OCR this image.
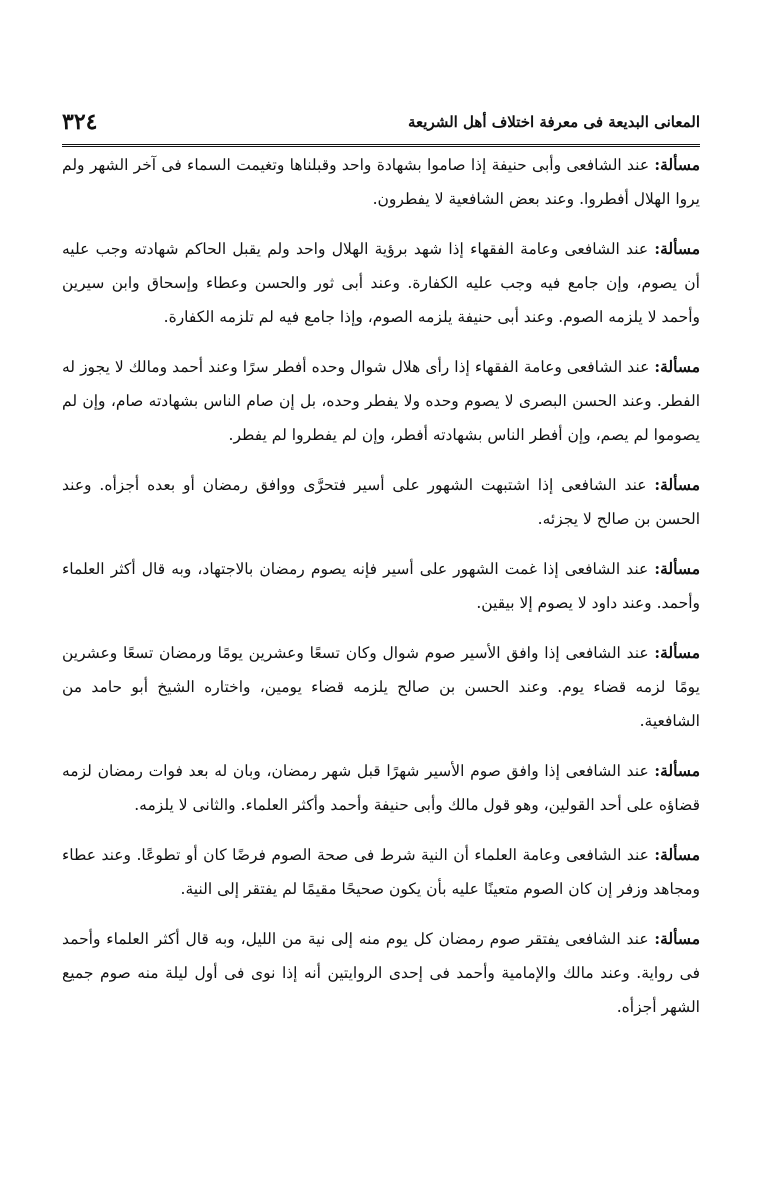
٣٢٤	المعانى البديعة فى معرفة اختلاف أهل الشريعة

مسألة: عند الشافعى وأبى حنيفة إذا صاموا بشهادة واحد وقبلناها وتغيمت السماء فى آخر الشهر ولم يروا الهلال أفطروا. وعند بعض الشافعية لا يفطرون.

مسألة: عند الشافعى وعامة الفقهاء إذا شهد برؤية الهلال واحد ولم يقبل الحاكم شهادته وجب عليه أن يصوم، وإن جامع فيه وجب عليه الكفارة. وعند أبى ثور والحسن وعطاء وإسحاق وابن سيرين وأحمد لا يلزمه الصوم. وعند أبى حنيفة يلزمه الصوم، وإذا جامع فيه لم تلزمه الكفارة.

مسألة: عند الشافعى وعامة الفقهاء إذا رأى هلال شوال وحده أفطر سرًا وعند أحمد ومالك لا يجوز له الفطر. وعند الحسن البصرى لا يصوم وحده ولا يفطر وحده، بل إن صام الناس بشهادته صام، وإن لم يصوموا لم يصم، وإن أفطر الناس بشهادته أفطر، وإن لم يفطروا لم يفطر.

مسألة: عند الشافعى إذا اشتبهت الشهور على أسير فتحرَّى ووافق رمضان أو بعده أجزأه. وعند الحسن بن صالح لا يجزئه.

مسألة: عند الشافعى إذا غمت الشهور على أسير فإنه يصوم رمضان بالاجتهاد، وبه قال أكثر العلماء وأحمد. وعند داود لا يصوم إلا بيقين.

مسألة: عند الشافعى إذا وافق الأسير صوم شوال وكان تسعًا وعشرين يومًا ورمضان تسعًا وعشرين يومًا لزمه قضاء يوم. وعند الحسن بن صالح يلزمه قضاء يومين، واختاره الشيخ أبو حامد من الشافعية.

مسألة: عند الشافعى إذا وافق صوم الأسير شهرًا قبل شهر رمضان، وبان له بعد فوات رمضان لزمه قضاؤه على أحد القولين، وهو قول مالك وأبى حنيفة وأحمد وأكثر العلماء. والثانى لا يلزمه.

مسألة: عند الشافعى وعامة العلماء أن النية شرط فى صحة الصوم فرضًا كان أو تطوعًا. وعند عطاء ومجاهد وزفر إن كان الصوم متعينًا عليه بأن يكون صحيحًا مقيمًا لم يفتقر إلى النية.

مسألة: عند الشافعى يفتقر صوم رمضان كل يوم منه إلى نية من الليل، وبه قال أكثر العلماء وأحمد فى رواية. وعند مالك والإمامية وأحمد فى إحدى الروايتين أنه إذا نوى فى أول ليلة منه صوم جميع الشهر أجزأه.
